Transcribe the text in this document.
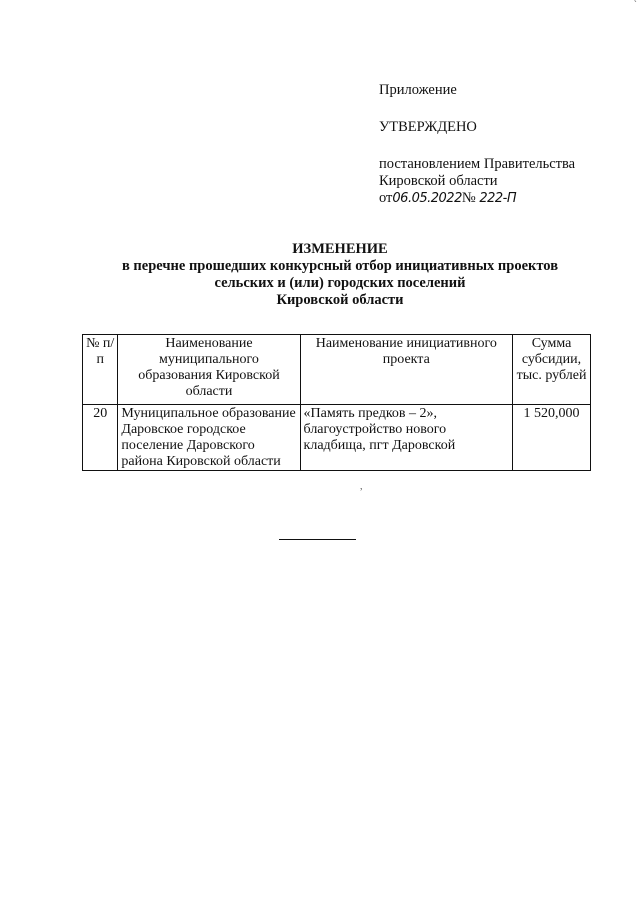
`
Приложение
УТВЕРЖДЕНО
постановлением Правительства
Кировской области
от06.05.2022№ 222-П
ИЗМЕНЕНИЕ
в перечне прошедших конкурсный отбор инициативных проектов
сельских и (или) городских поселений
Кировской области
№ п/п	Наименование муниципального образования Кировской области	Наименование инициативного проекта	Сумма субсидии, тыс. рублей
20	Муниципальное образование Даровское городское поселение Даровского района Кировской области	«Память предков – 2», благоустройство нового кладбища, пгт Даровской	1 520,000
,
